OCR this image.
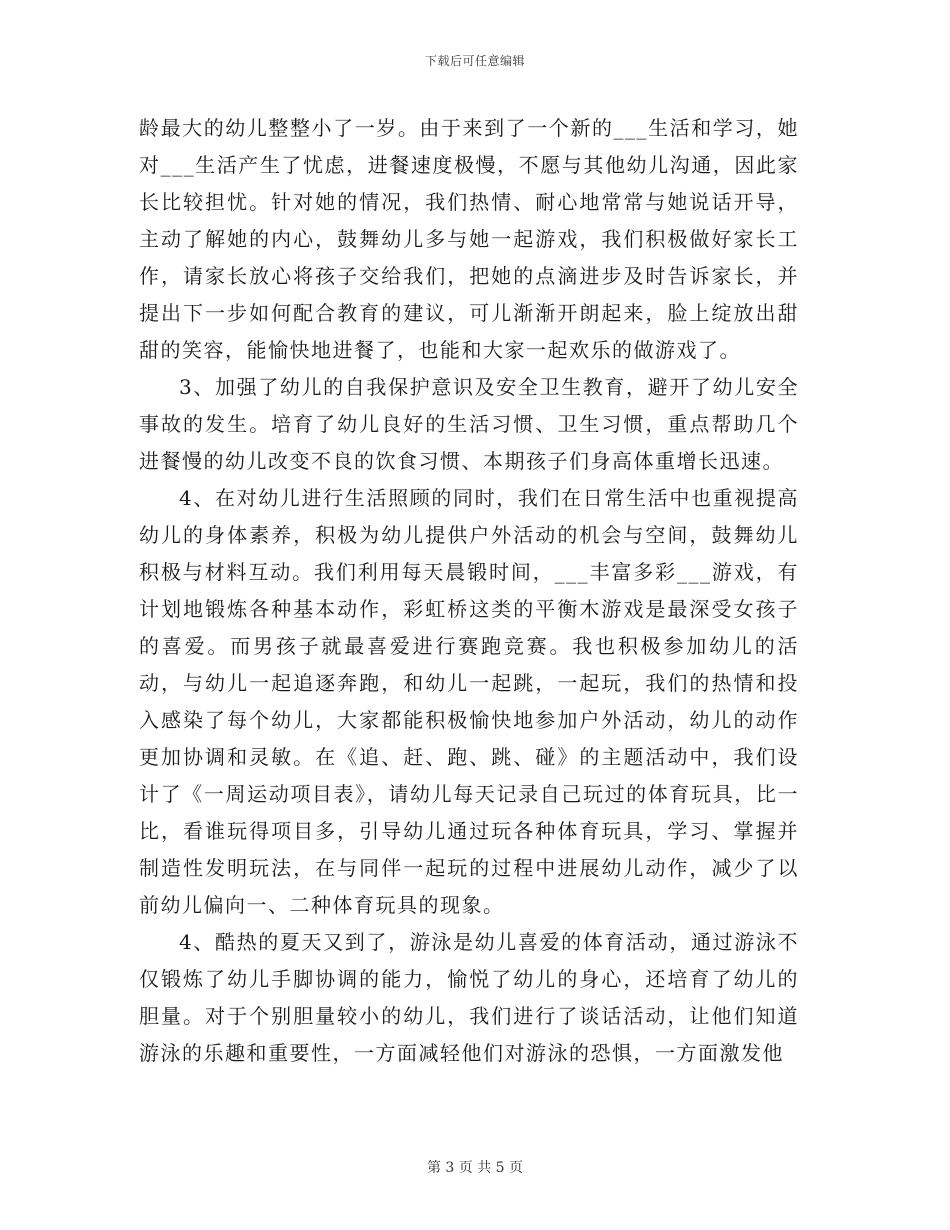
下载后可任意编辑

龄最大的幼儿整整小了一岁。由于来到了一个新的___生活和学习，她对___生活产生了忧虑，进餐速度极慢，不愿与其他幼儿沟通，因此家长比较担忧。针对她的情况，我们热情、耐心地常常与她说话开导，主动了解她的内心，鼓舞幼儿多与她一起游戏，我们积极做好家长工作，请家长放心将孩子交给我们，把她的点滴进步及时告诉家长，并提出下一步如何配合教育的建议，可儿渐渐开朗起来，脸上绽放出甜甜的笑容，能愉快地进餐了，也能和大家一起欢乐的做游戏了。

3、加强了幼儿的自我保护意识及安全卫生教育，避开了幼儿安全事故的发生。培育了幼儿良好的生活习惯、卫生习惯，重点帮助几个进餐慢的幼儿改变不良的饮食习惯、本期孩子们身高体重增长迅速。

4、在对幼儿进行生活照顾的同时，我们在日常生活中也重视提高幼儿的身体素养，积极为幼儿提供户外活动的机会与空间，鼓舞幼儿积极与材料互动。我们利用每天晨锻时间，___丰富多彩___游戏，有计划地锻炼各种基本动作，彩虹桥这类的平衡木游戏是最深受女孩子的喜爱。而男孩子就最喜爱进行赛跑竞赛。我也积极参加幼儿的活动，与幼儿一起追逐奔跑，和幼儿一起跳，一起玩，我们的热情和投入感染了每个幼儿，大家都能积极愉快地参加户外活动，幼儿的动作更加协调和灵敏。在《追、赶、跑、跳、碰》的主题活动中，我们设计了《一周运动项目表》，请幼儿每天记录自己玩过的体育玩具，比一比，看谁玩得项目多，引导幼儿通过玩各种体育玩具，学习、掌握并制造性发明玩法，在与同伴一起玩的过程中进展幼儿动作，减少了以前幼儿偏向一、二种体育玩具的现象。

4、酷热的夏天又到了，游泳是幼儿喜爱的体育活动，通过游泳不仅锻炼了幼儿手脚协调的能力，愉悦了幼儿的身心，还培育了幼儿的胆量。对于个别胆量较小的幼儿，我们进行了谈话活动，让他们知道游泳的乐趣和重要性，一方面减轻他们对游泳的恐惧，一方面激发他

第 3 页 共 5 页
